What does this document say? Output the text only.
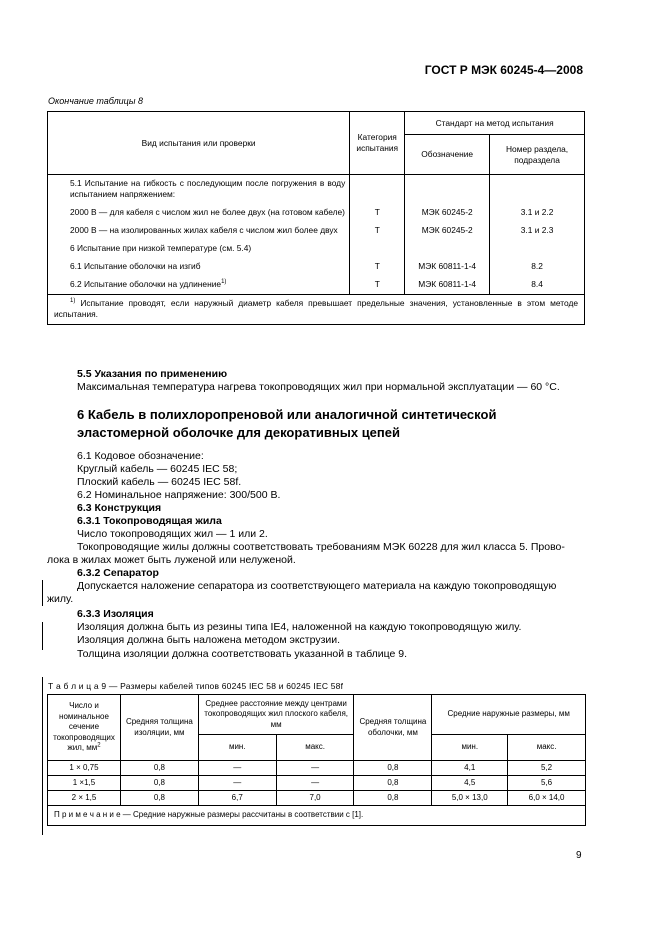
ГОСТ Р МЭК 60245-4—2008
Окончание таблицы 8
Вид испытания или проверки	Категория испытания	Стандарт на метод испытания	
		Обозначение	Номер раздела, подраздела
5.1 Испытание на гибкость с последующим после погружения в воду испытанием напряжением:			
2000 В — для кабеля с числом жил не более двух (на готовом кабеле)	Т	МЭК 60245-2	3.1 и 2.2
2000 В — на изолированных жилах кабеля с числом жил более двух	Т	МЭК 60245-2	3.1 и 2.3
6 Испытание при низкой температуре (см. 5.4)			
6.1 Испытание оболочки на изгиб	Т	МЭК 60811-1-4	8.2
6.2 Испытание оболочки на удлинение$^{1)}$	Т	МЭК 60811-1-4	8.4
$^{1)}$ Испытание проводят, если наружный диаметр кабеля превышает предельные значения, установленные в этом методе испытания.			
5.5 Указания по применению
Максимальная температура нагрева токопроводящих жил при нормальной эксплуатации — 60 °С.
6 Кабель в полихлоропреновой или аналогичной синтетической
эластомерной оболочке для декоративных цепей
6.1 Кодовое обозначение:
Круглый кабель — 60245 IEC 58;
Плоский кабель — 60245 IEC 58f.
6.2 Номинальное напряжение: 300/500 В.
6.3 Конструкция
6.3.1 Токопроводящая жила
Число токопроводящих жил — 1 или 2.
Токопроводящие жилы должны соответствовать требованиям МЭК 60228 для жил класса 5. Прово-
лока в жилах может быть луженой или нелуженой.
6.3.2 Сепаратор
Допускается наложение сепаратора из соответствующего материала на каждую токопроводящую
жилу.
6.3.3 Изоляция
Изоляция должна быть из резины типа IE4, наложенной на каждую токопроводящую жилу.
Изоляция должна быть наложена методом экструзии.
Толщина изоляции должна соответствовать указанной в таблице 9.
Т а б л и ц а 9 — Размеры кабелей типов 60245 IEC 58 и 60245 IEC 58f
Число и номинальное сечение токопроводящих жил, $мм^2$	Средняя толщина изоляции, мм	Среднее расстояние между центрами токопроводящих жил плоского кабеля, мм		Средняя толщина оболочки, мм	Средние наружные размеры, мм	
		мин.	макс.		мин.	макс.
1 × 0,75	0,8	—	—	0,8	4,1	5,2
1 ×1,5	0,8	—	—	0,8	4,5	5,6
2 × 1,5	0,8	6,7	7,0	0,8	5,0 × 13,0	6,0 × 14,0
П р и м е ч а н и е — Средние наружные размеры рассчитаны в соответствии с [1].						
9
